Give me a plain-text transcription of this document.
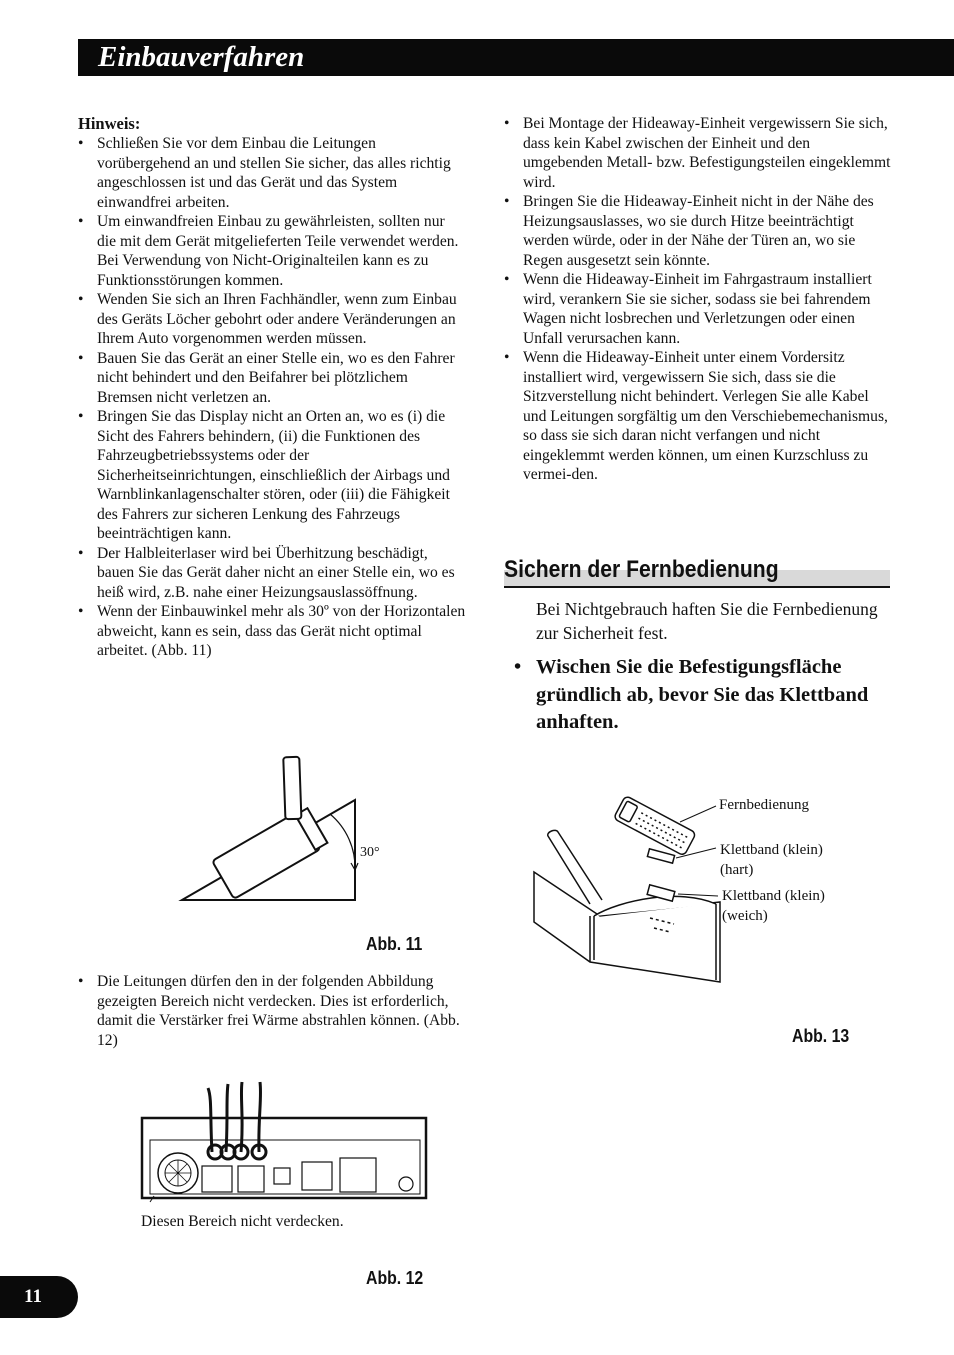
Einbauverfahren
Hinweis:
• Schließen Sie vor dem Einbau die Leitungen vorübergehend an und stellen Sie sicher, das alles richtig angeschlossen ist und das Gerät und das System einwandfrei arbeiten.
• Um einwandfreien Einbau zu gewährleisten, sollten nur die mit dem Gerät mitgelieferten Teile verwendet werden. Bei Verwendung von Nicht-Originalteilen kann es zu Funktionsstörungen kommen.
• Wenden Sie sich an Ihren Fachhändler, wenn zum Einbau des Geräts Löcher gebohrt oder andere Veränderungen an Ihrem Auto vorgenommen werden müssen.
• Bauen Sie das Gerät an einer Stelle ein, wo es den Fahrer nicht behindert und den Beifahrer bei plötzlichem Bremsen nicht verletzen an.
• Bringen Sie das Display nicht an Orten an, wo es (i) die Sicht des Fahrers behindern, (ii) die Funktionen des Fahrzeugbetriebssystems oder der Sicherheitseinrichtungen, einschließlich der Airbags und Warnblinkanlagenschalter stören, oder (iii) die Fähigkeit des Fahrers zur sicheren Lenkung des Fahrzeugs beeinträchtigen kann.
• Der Halbleiterlaser wird bei Überhitzung beschädigt, bauen Sie das Gerät daher nicht an einer Stelle ein, wo es heiß wird, z.B. nahe einer Heizungsauslassöffnung.
• Wenn der Einbauwinkel mehr als 30º von der Horizontalen abweicht, kann es sein, dass das Gerät nicht optimal arbeitet. (Abb. 11)
30°
Abb. 11
• Die Leitungen dürfen den in der folgenden Abbildung gezeigten Bereich nicht verdecken. Dies ist erforderlich, damit die Verstärker frei Wärme abstrahlen können. (Abb. 12)
Diesen Bereich nicht verdecken.
Abb. 12
• Bei Montage der Hideaway-Einheit vergewissern Sie sich, dass kein Kabel zwischen der Einheit und den umgebenden Metall- bzw. Befestigungsteilen eingeklemmt wird.
• Bringen Sie die Hideaway-Einheit nicht in der Nähe des Heizungsauslasses, wo sie durch Hitze beeinträchtigt werden würde, oder in der Nähe der Türen an, wo sie Regen ausgesetzt sein könnte.
• Wenn die Hideaway-Einheit im Fahrgastraum installiert wird, verankern Sie sie sicher, sodass sie bei fahrendem Wagen nicht losbrechen und Verletzungen oder einen Unfall verursachen kann.
• Wenn die Hideaway-Einheit unter einem Vordersitz installiert wird, vergewissern Sie sich, dass sie die Sitzverstellung nicht behindert. Verlegen Sie alle Kabel und Leitungen sorgfältig um den Verschiebemechanismus, so dass sie sich daran nicht verfangen und nicht eingeklemmt werden können, um einen Kurzschluss zu vermei-den.
Sichern der Fernbedienung
Bei Nichtgebrauch haften Sie die Fernbedienung zur Sicherheit fest.
• Wischen Sie die Befestigungsfläche gründlich ab, bevor Sie das Klettband anhaften.
Fernbedienung
Klettband (klein)
(hart)
Klettband (klein)
(weich)
Abb. 13
11
